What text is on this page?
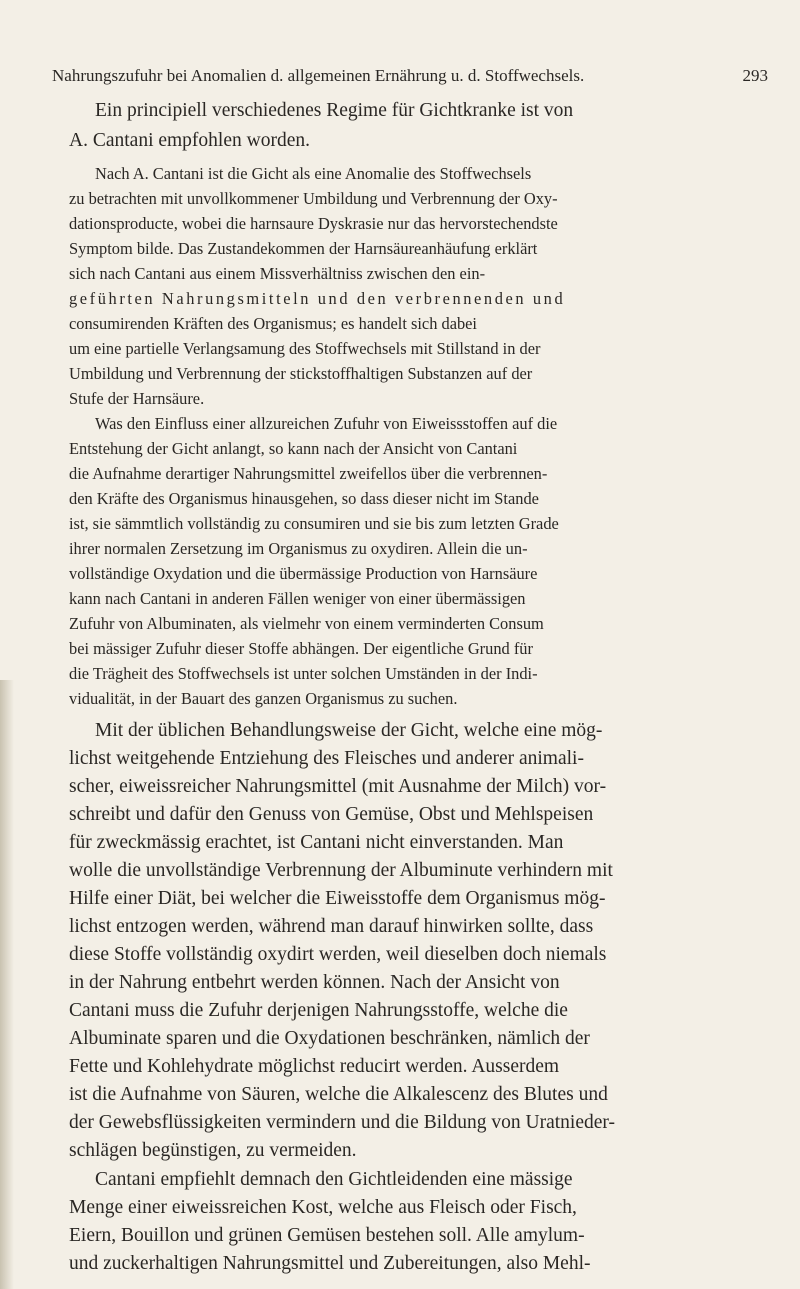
Nahrungszufuhr bei Anomalien d. allgemeinen Ernährung u. d. Stoffwechsels.	293
Ein principiell verschiedenes Regime für Gichtkranke ist von
A. Cantani empfohlen worden.
Nach A. Cantani ist die Gicht als eine Anomalie des Stoffwechsels
zu betrachten mit unvollkommener Umbildung und Verbrennung der Oxy-
dationsproducte, wobei die harnsaure Dyskrasie nur das hervorstechendste
Symptom bilde. Das Zustandekommen der Harnsäureanhäufung erklärt
sich nach Cantani aus einem Missverhältniss zwischen den ein-
geführten Nahrungsmitteln und den verbrennenden und
consumirenden Kräften des Organismus; es handelt sich dabei
um eine partielle Verlangsamung des Stoffwechsels mit Stillstand in der
Umbildung und Verbrennung der stickstoffhaltigen Substanzen auf der
Stufe der Harnsäure.
Was den Einfluss einer allzureichen Zufuhr von Eiweissstoffen auf die
Entstehung der Gicht anlangt, so kann nach der Ansicht von Cantani
die Aufnahme derartiger Nahrungsmittel zweifellos über die verbrennen-
den Kräfte des Organismus hinausgehen, so dass dieser nicht im Stande
ist, sie sämmtlich vollständig zu consumiren und sie bis zum letzten Grade
ihrer normalen Zersetzung im Organismus zu oxydiren. Allein die un-
vollständige Oxydation und die übermässige Production von Harnsäure
kann nach Cantani in anderen Fällen weniger von einer übermässigen
Zufuhr von Albuminaten, als vielmehr von einem verminderten Consum
bei mässiger Zufuhr dieser Stoffe abhängen. Der eigentliche Grund für
die Trägheit des Stoffwechsels ist unter solchen Umständen in der Indi-
vidualität, in der Bauart des ganzen Organismus zu suchen.
Mit der üblichen Behandlungsweise der Gicht, welche eine mög-
lichst weitgehende Entziehung des Fleisches und anderer animali-
scher, eiweissreicher Nahrungsmittel (mit Ausnahme der Milch) vor-
schreibt und dafür den Genuss von Gemüse, Obst und Mehlspeisen
für zweckmässig erachtet, ist Cantani nicht einverstanden. Man
wolle die unvollständige Verbrennung der Albuminute verhindern mit
Hilfe einer Diät, bei welcher die Eiweisstoffe dem Organismus mög-
lichst entzogen werden, während man darauf hinwirken sollte, dass
diese Stoffe vollständig oxydirt werden, weil dieselben doch niemals
in der Nahrung entbehrt werden können. Nach der Ansicht von
Cantani muss die Zufuhr derjenigen Nahrungsstoffe, welche die
Albuminate sparen und die Oxydationen beschränken, nämlich der
Fette und Kohlehydrate möglichst reducirt werden. Ausserdem
ist die Aufnahme von Säuren, welche die Alkalescenz des Blutes und
der Gewebsflüssigkeiten vermindern und die Bildung von Uratnieder-
schlägen begünstigen, zu vermeiden.
Cantani empfiehlt demnach den Gichtleidenden eine mässige
Menge einer eiweissreichen Kost, welche aus Fleisch oder Fisch,
Eiern, Bouillon und grünen Gemüsen bestehen soll. Alle amylum-
und zuckerhaltigen Nahrungsmittel und Zubereitungen, also Mehl-
